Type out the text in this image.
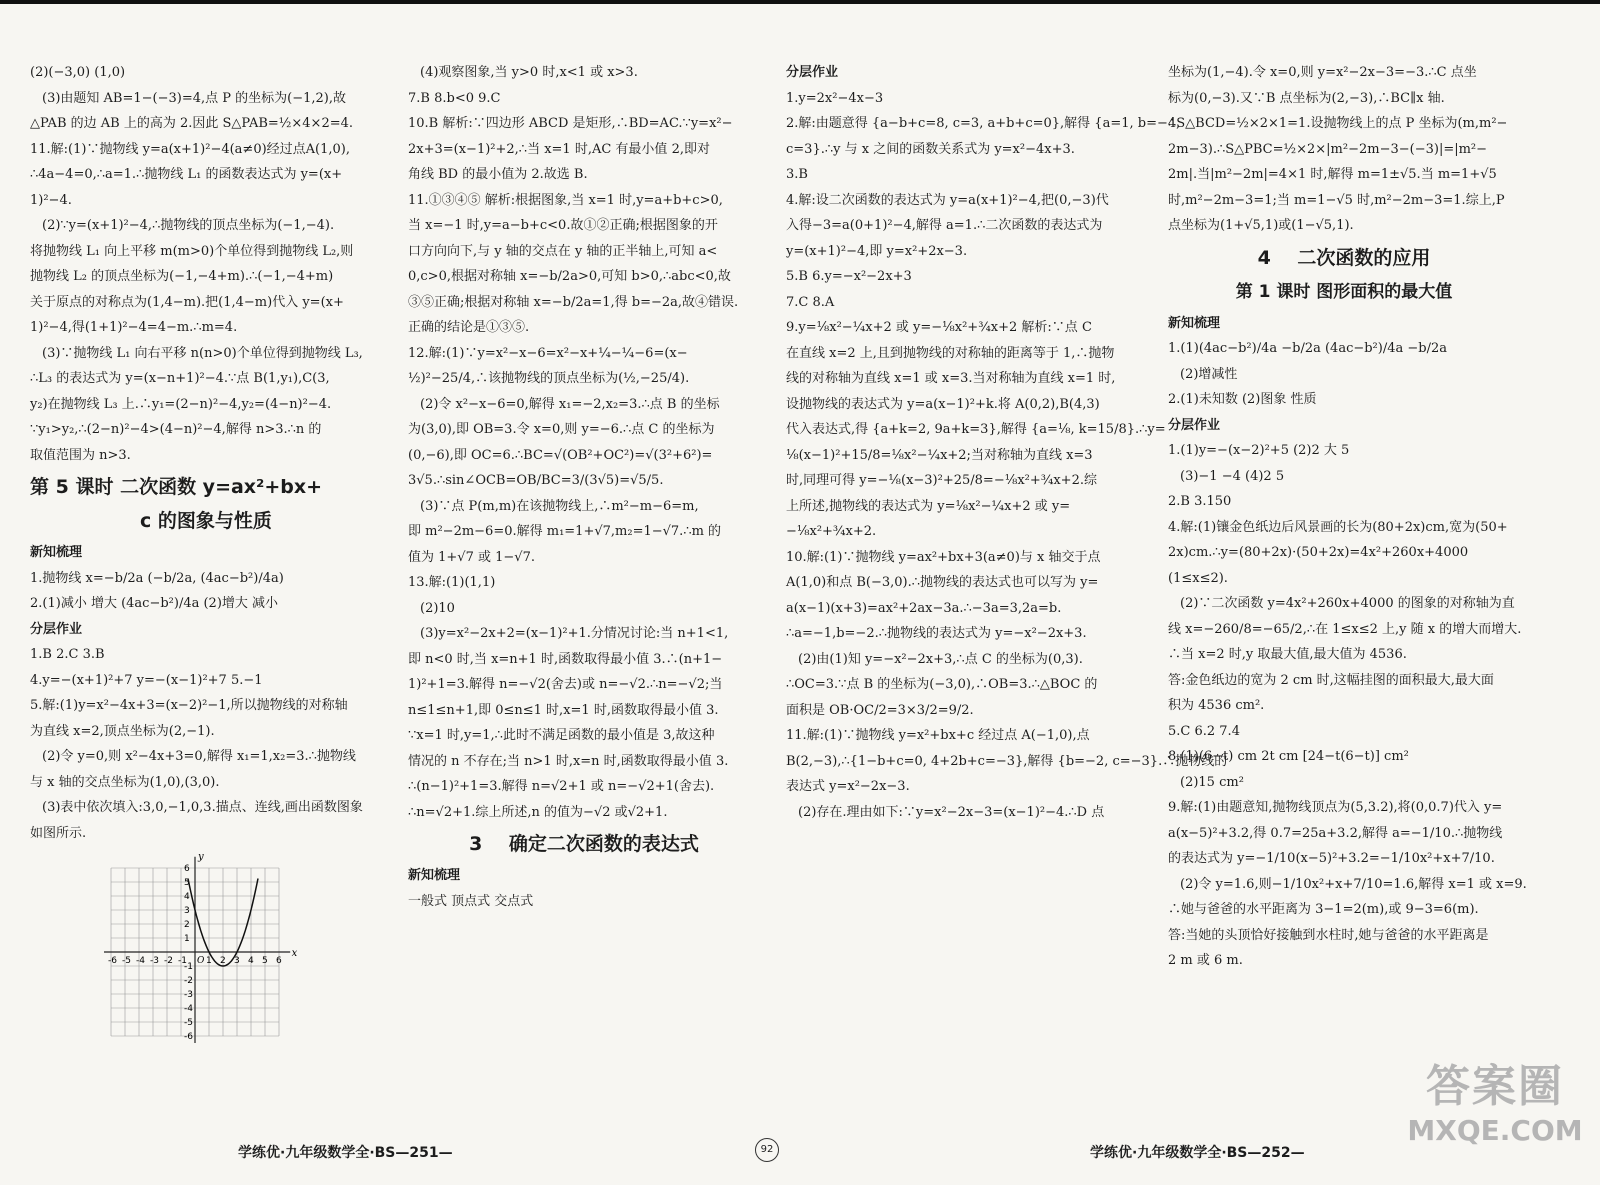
(2)(−3,0) (1,0)
(3)由题知 AB=1−(−3)=4,点 P 的坐标为(−1,2),故
△PAB 的边 AB 上的高为 2.因此 S△PAB=½×4×2=4.
11.解:(1)∵抛物线 y=a(x+1)²−4(a≠0)经过点A(1,0),
∴4a−4=0,∴a=1.∴抛物线 L₁ 的函数表达式为 y=(x+
1)²−4.
(2)∵y=(x+1)²−4,∴抛物线的顶点坐标为(−1,−4).
将抛物线 L₁ 向上平移 m(m>0)个单位得到抛物线 L₂,则
抛物线 L₂ 的顶点坐标为(−1,−4+m).∴(−1,−4+m)
关于原点的对称点为(1,4−m).把(1,4−m)代入 y=(x+
1)²−4,得(1+1)²−4=4−m.∴m=4.
(3)∵抛物线 L₁ 向右平移 n(n>0)个单位得到抛物线 L₃,
∴L₃ 的表达式为 y=(x−n+1)²−4.∵点 B(1,y₁),C(3,
y₂)在抛物线 L₃ 上.∴y₁=(2−n)²−4,y₂=(4−n)²−4.
∵y₁>y₂,∴(2−n)²−4>(4−n)²−4,解得 n>3.∴n 的
取值范围为 n>3.
第 5 课时 二次函数 y=ax²+bx+
c 的图象与性质
新知梳理
1.抛物线 x=−b/2a (−b/2a, (4ac−b²)/4a)
2.(1)减小 增大 (4ac−b²)/4a (2)增大 减小
分层作业
1.B 2.C 3.B
4.y=−(x+1)²+7 y=−(x−1)²+7 5.−1
5.解:(1)y=x²−4x+3=(x−2)²−1,所以抛物线的对称轴
为直线 x=2,顶点坐标为(2,−1).
(2)令 y=0,则 x²−4x+3=0,解得 x₁=1,x₂=3.∴抛物线
与 x 轴的交点坐标为(1,0),(3,0).
(3)表中依次填入:3,0,−1,0,3.描点、连线,画出函数图象
如图所示.
-6 -5 -4 -3 -2 -1 1 2 3 4 5 6
6
5
4
3
2
1
-1
-2
-3
-4
-5
-6
x
y
O
(4)观察图象,当 y>0 时,x<1 或 x>3.
7.B 8.b<0 9.C
10.B 解析:∵四边形 ABCD 是矩形,∴BD=AC.∵y=x²−
2x+3=(x−1)²+2,∴当 x=1 时,AC 有最小值 2,即对
角线 BD 的最小值为 2.故选 B.
11.①③④⑤ 解析:根据图象,当 x=1 时,y=a+b+c>0,
当 x=−1 时,y=a−b+c<0.故①②正确;根据图象的开
口方向向下,与 y 轴的交点在 y 轴的正半轴上,可知 a<
0,c>0,根据对称轴 x=−b/2a>0,可知 b>0,∴abc<0,故
③⑤正确;根据对称轴 x=−b/2a=1,得 b=−2a,故④错误.
正确的结论是①③⑤.
12.解:(1)∵y=x²−x−6=x²−x+¼−¼−6=(x−
½)²−25/4,∴该抛物线的顶点坐标为(½,−25/4).
(2)令 x²−x−6=0,解得 x₁=−2,x₂=3.∴点 B 的坐标
为(3,0),即 OB=3.令 x=0,则 y=−6.∴点 C 的坐标为
(0,−6),即 OC=6.∴BC=√(OB²+OC²)=√(3²+6²)=
3√5.∴sin∠OCB=OB/BC=3/(3√5)=√5/5.
(3)∵点 P(m,m)在该抛物线上,∴m²−m−6=m,
即 m²−2m−6=0.解得 m₁=1+√7,m₂=1−√7.∴m 的
值为 1+√7 或 1−√7.
13.解:(1)(1,1)
(2)10
(3)y=x²−2x+2=(x−1)²+1.分情况讨论:当 n+1<1,
即 n<0 时,当 x=n+1 时,函数取得最小值 3.∴(n+1−
1)²+1=3.解得 n=−√2(舍去)或 n=−√2.∴n=−√2;当
n≤1≤n+1,即 0≤n≤1 时,x=1 时,函数取得最小值 3.
∵x=1 时,y=1,∴此时不满足函数的最小值是 3,故这种
情况的 n 不存在;当 n>1 时,x=n 时,函数取得最小值 3.
∴(n−1)²+1=3.解得 n=√2+1 或 n=−√2+1(舍去).
∴n=√2+1.综上所述,n 的值为−√2 或√2+1.
3 确定二次函数的表达式
新知梳理
一般式 顶点式 交点式
分层作业
1.y=2x²−4x−3
2.解:由题意得 {a−b+c=8, c=3, a+b+c=0},解得 {a=1, b=−4,
c=3}.∴y 与 x 之间的函数关系式为 y=x²−4x+3.
3.B
4.解:设二次函数的表达式为 y=a(x+1)²−4,把(0,−3)代
入得−3=a(0+1)²−4,解得 a=1.∴二次函数的表达式为
y=(x+1)²−4,即 y=x²+2x−3.
5.B 6.y=−x²−2x+3
7.C 8.A
9.y=⅛x²−¼x+2 或 y=−⅛x²+¾x+2 解析:∵点 C
在直线 x=2 上,且到抛物线的对称轴的距离等于 1,∴抛物
线的对称轴为直线 x=1 或 x=3.当对称轴为直线 x=1 时,
设抛物线的表达式为 y=a(x−1)²+k.将 A(0,2),B(4,3)
代入表达式,得 {a+k=2, 9a+k=3},解得 {a=⅛, k=15/8}.∴y=
⅛(x−1)²+15/8=⅛x²−¼x+2;当对称轴为直线 x=3
时,同理可得 y=−⅛(x−3)²+25/8=−⅛x²+¾x+2.综
上所述,抛物线的表达式为 y=⅛x²−¼x+2 或 y=
−⅛x²+¾x+2.
10.解:(1)∵抛物线 y=ax²+bx+3(a≠0)与 x 轴交于点
A(1,0)和点 B(−3,0).∴抛物线的表达式也可以写为 y=
a(x−1)(x+3)=ax²+2ax−3a.∴−3a=3,2a=b.
∴a=−1,b=−2.∴抛物线的表达式为 y=−x²−2x+3.
(2)由(1)知 y=−x²−2x+3,∴点 C 的坐标为(0,3).
∴OC=3.∵点 B 的坐标为(−3,0),∴OB=3.∴△BOC 的
面积是 OB·OC/2=3×3/2=9/2.
11.解:(1)∵抛物线 y=x²+bx+c 经过点 A(−1,0),点
B(2,−3),∴{1−b+c=0, 4+2b+c=−3},解得 {b=−2, c=−3}.∴抛物线的
表达式 y=x²−2x−3.
(2)存在.理由如下:∵y=x²−2x−3=(x−1)²−4.∴D 点
坐标为(1,−4).令 x=0,则 y=x²−2x−3=−3.∴C 点坐
标为(0,−3).又∵B 点坐标为(2,−3),∴BC∥x 轴.
∴S△BCD=½×2×1=1.设抛物线上的点 P 坐标为(m,m²−
2m−3).∴S△PBC=½×2×|m²−2m−3−(−3)|=|m²−
2m|.当|m²−2m|=4×1 时,解得 m=1±√5.当 m=1+√5
时,m²−2m−3=1;当 m=1−√5 时,m²−2m−3=1.综上,P
点坐标为(1+√5,1)或(1−√5,1).
4 二次函数的应用
第 1 课时 图形面积的最大值
新知梳理
1.(1)(4ac−b²)/4a −b/2a (4ac−b²)/4a −b/2a
(2)增减性
2.(1)未知数 (2)图象 性质
分层作业
1.(1)y=−(x−2)²+5 (2)2 大 5
(3)−1 −4 (4)2 5
2.B 3.150
4.解:(1)镶金色纸边后风景画的长为(80+2x)cm,宽为(50+
2x)cm.∴y=(80+2x)·(50+2x)=4x²+260x+4000
(1≤x≤2).
(2)∵二次函数 y=4x²+260x+4000 的图象的对称轴为直
线 x=−260/8=−65/2,∴在 1≤x≤2 上,y 随 x 的增大而增大.
∴当 x=2 时,y 取最大值,最大值为 4536.
答:金色纸边的宽为 2 cm 时,这幅挂图的面积最大,最大面
积为 4536 cm².
5.C 6.2 7.4
8.(1)(6−t) cm 2t cm [24−t(6−t)] cm²
(2)15 cm²
9.解:(1)由题意知,抛物线顶点为(5,3.2),将(0,0.7)代入 y=
a(x−5)²+3.2,得 0.7=25a+3.2,解得 a=−1/10.∴抛物线
的表达式为 y=−1/10(x−5)²+3.2=−1/10x²+x+7/10.
(2)令 y=1.6,则−1/10x²+x+7/10=1.6,解得 x=1 或 x=9.
∴她与爸爸的水平距离为 3−1=2(m),或 9−3=6(m).
答:当她的头顶恰好接触到水柱时,她与爸爸的水平距离是
2 m 或 6 m.
学练优·九年级数学全·BS—251—	92	学练优·九年级数学全·BS—252—
答案圈
MXQE.COM
